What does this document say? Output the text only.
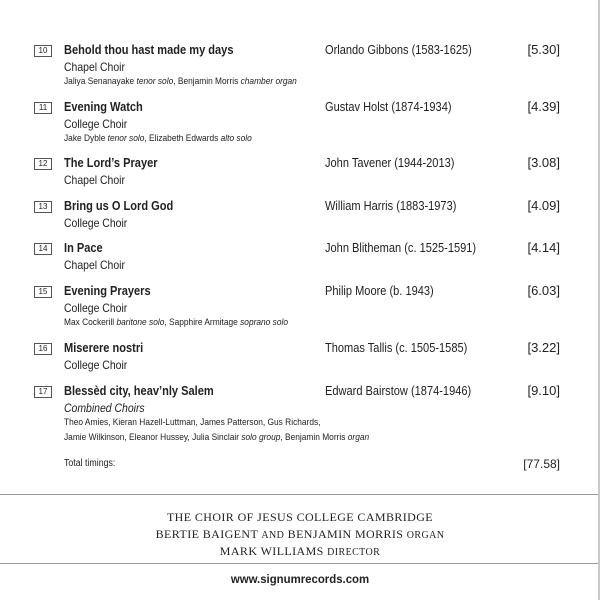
10	Behold thou hast made my days	Orlando Gibbons (1583-1625)	[5.30]
Chapel Choir
Jaliya Senanayake tenor solo, Benjamin Morris chamber organ
11	Evening Watch	Gustav Holst (1874-1934)	[4.39]
College Choir
Jake Dyble tenor solo, Elizabeth Edwards alto solo
12	The Lord’s Prayer	John Tavener (1944-2013)	[3.08]
Chapel Choir
13	Bring us O Lord God	William Harris (1883-1973)	[4.09]
College Choir
14	In Pace	John Blitheman (c. 1525-1591)	[4.14]
Chapel Choir
15	Evening Prayers	Philip Moore (b. 1943)	[6.03]
College Choir
Max Cockerill baritone solo, Sapphire Armitage soprano solo
16	Miserere nostri	Thomas Tallis (c. 1505-1585)	[3.22]
College Choir
17	Blessèd city, heav’nly Salem	Edward Bairstow (1874-1946)	[9.10]
Combined Choirs
Theo Amies, Kieran Hazell-Luttman, James Patterson, Gus Richards,
Jamie Wilkinson, Eleanor Hussey, Julia Sinclair solo group, Benjamin Morris organ
Total timings:	[77.58]
THE CHOIR OF JESUS COLLEGE CAMBRIDGE
BERTIE BAIGENT AND BENJAMIN MORRIS ORGAN
MARK WILLIAMS DIRECTOR
www.signumrecords.com
